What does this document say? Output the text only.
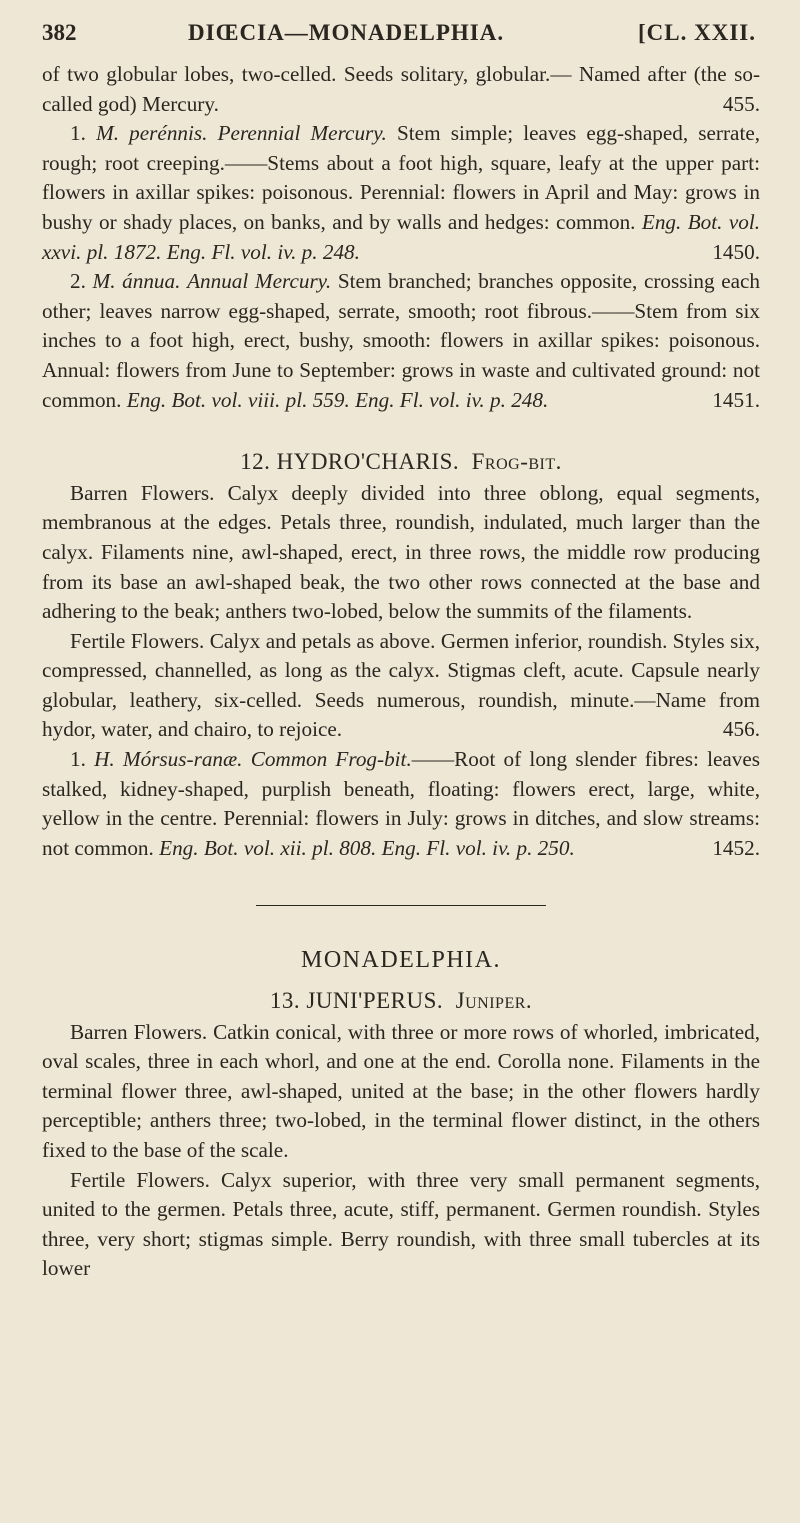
382	DIŒCIA—MONADELPHIA.	[CL. XXII.

of two globular lobes, two-celled. Seeds solitary, globular.— Named after (the so-called god) Mercury.	455.

1. M. perénnis. Perennial Mercury. Stem simple; leaves egg-shaped, serrate, rough; root creeping.——Stems about a foot high, square, leafy at the upper part: flowers in axillar spikes: poisonous. Perennial: flowers in April and May: grows in bushy or shady places, on banks, and by walls and hedges: common. Eng. Bot. vol. xxvi. pl. 1872. Eng. Fl. vol. iv. p. 248.	1450.

2. M. ánnua. Annual Mercury. Stem branched; branches opposite, crossing each other; leaves narrow egg-shaped, serrate, smooth; root fibrous.——Stem from six inches to a foot high, erect, bushy, smooth: flowers in axillar spikes: poisonous. Annual: flowers from June to September: grows in waste and cultivated ground: not common. Eng. Bot. vol. viii. pl. 559. Eng. Fl. vol. iv. p. 248.	1451.

12. HYDRO'CHARIS. Frog-bit.

Barren Flowers. Calyx deeply divided into three oblong, equal segments, membranous at the edges. Petals three, roundish, indulated, much larger than the calyx. Filaments nine, awl-shaped, erect, in three rows, the middle row producing from its base an awl-shaped beak, the two other rows connected at the base and adhering to the beak; anthers two-lobed, below the summits of the filaments.

Fertile Flowers. Calyx and petals as above. Germen inferior, roundish. Styles six, compressed, channelled, as long as the calyx. Stigmas cleft, acute. Capsule nearly globular, leathery, six-celled. Seeds numerous, roundish, minute.—Name from hydor, water, and chairo, to rejoice.	456.

1. H. Mórsus-ranæ. Common Frog-bit.——Root of long slender fibres: leaves stalked, kidney-shaped, purplish beneath, floating: flowers erect, large, white, yellow in the centre. Perennial: flowers in July: grows in ditches, and slow streams: not common. Eng. Bot. vol. xii. pl. 808. Eng. Fl. vol. iv. p. 250.	1452.

MONADELPHIA.
13. JUNI'PERUS. Juniper.

Barren Flowers. Catkin conical, with three or more rows of whorled, imbricated, oval scales, three in each whorl, and one at the end. Corolla none. Filaments in the terminal flower three, awl-shaped, united at the base; in the other flowers hardly perceptible; anthers three; two-lobed, in the terminal flower distinct, in the others fixed to the base of the scale.

Fertile Flowers. Calyx superior, with three very small permanent segments, united to the germen. Petals three, acute, stiff, permanent. Germen roundish. Styles three, very short; stigmas simple. Berry roundish, with three small tubercles at its lower
